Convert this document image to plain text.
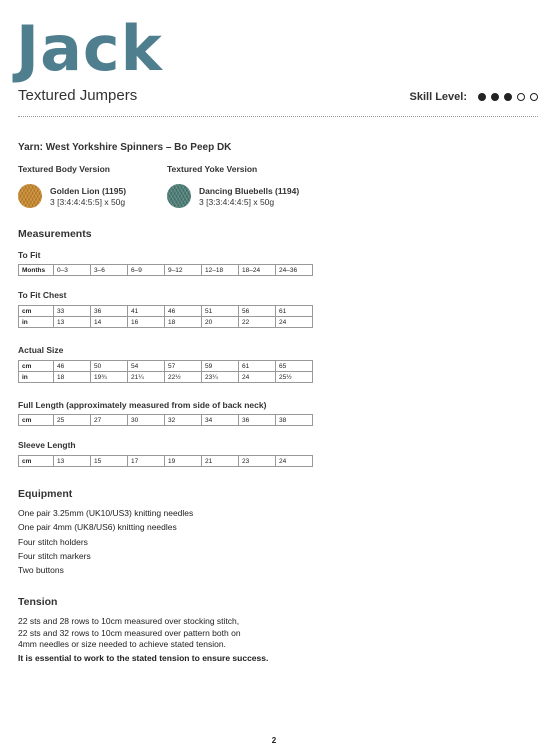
Jack
Textured Jumpers	Skill Level:
Yarn: West Yorkshire Spinners – Bo Peep DK
Textured Body Version
Golden Lion (1195)
3 [3:4:4:4:5:5] x 50g
Textured Yoke Version
Dancing Bluebells (1194)
3 [3:3:4:4:4:5] x 50g
Measurements
To Fit
Months	0–3	3–6	6–9	9–12	12–18	18–24	24–36
To Fit Chest
cm	33	36	41	46	51	56	61
in	13	14	16	18	20	22	24
Actual Size
cm	46	50	54	57	59	61	65
in	18	19¾	21¼	22½	23¼	24	25½
Full Length (approximately measured from side of back neck)
cm	25	27	30	32	34	36	38
Sleeve Length
cm	13	15	17	19	21	23	24
Equipment
One pair 3.25mm (UK10/US3) knitting needles
One pair 4mm (UK8/US6) knitting needles
Four stitch holders
Four stitch markers
Two buttons
Tension
22 sts and 28 rows to 10cm measured over stocking stitch,
22 sts and 32 rows to 10cm measured over pattern both on
4mm needles or size needed to achieve stated tension.
It is essential to work to the stated tension to ensure success.
2
